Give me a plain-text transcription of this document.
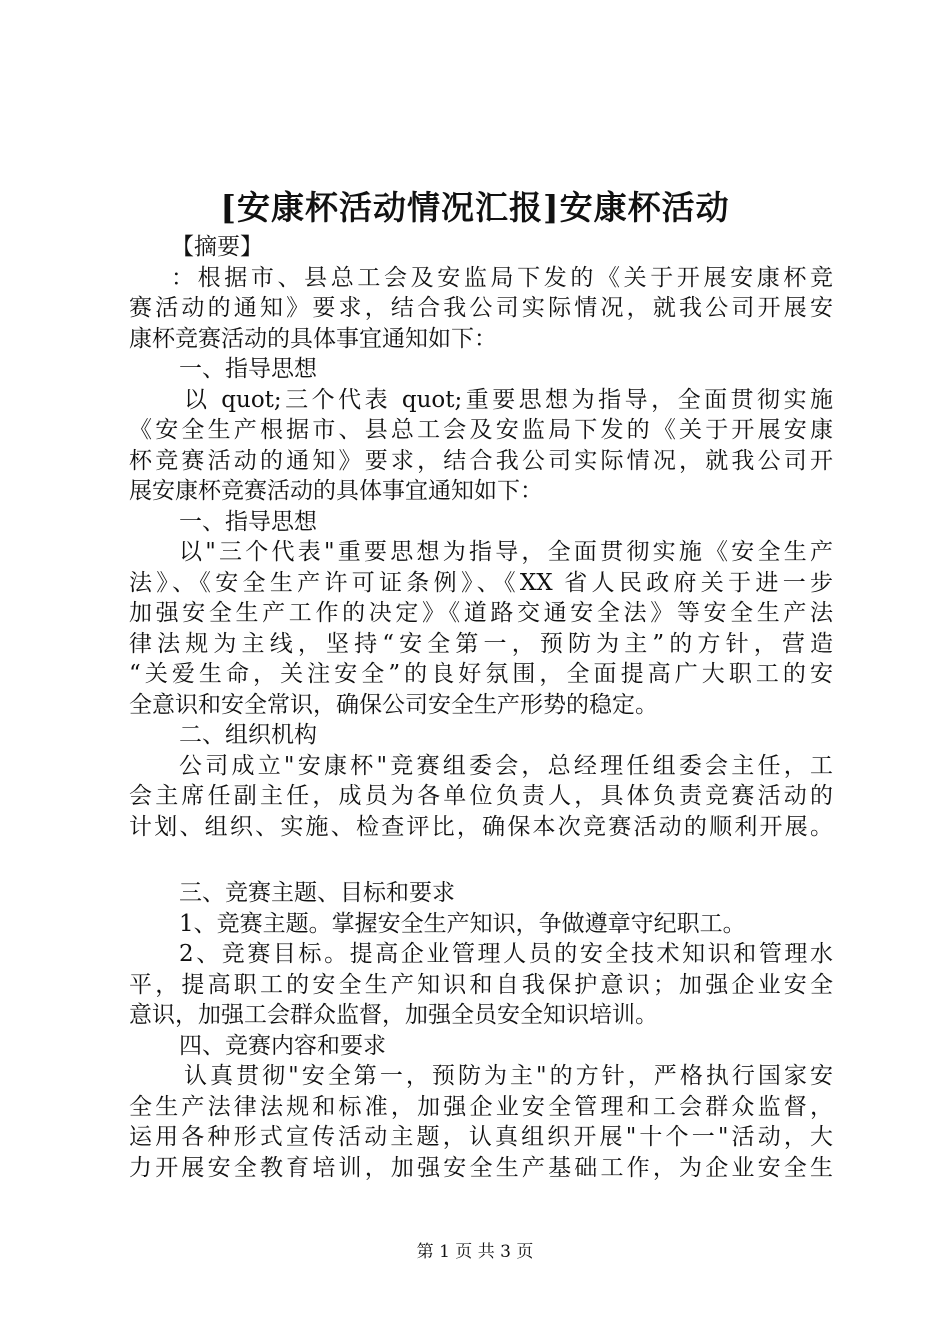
[安康杯活动情况汇报]安康杯活动
【摘要】
：根据市、县总工会及安监局下发的《关于开展安康杯竞
赛活动的通知》要求，结合我公司实际情况，就我公司开展安
康杯竞赛活动的具体事宜通知如下：
一、指导思想
以 quot;三个代表 quot;重要思想为指导，全面贯彻实施
《安全生产根据市、县总工会及安监局下发的《关于开展安康
杯竞赛活动的通知》要求，结合我公司实际情况，就我公司开
展安康杯竞赛活动的具体事宜通知如下：
一、指导思想
以"三个代表"重要思想为指导，全面贯彻实施《安全生产
法》、《安全生产许可证条例》、《XX 省人民政府关于进一步
加强安全生产工作的决定》《道路交通安全法》等安全生产法
律法规为主线，坚持“安全第一，预防为主”的方针，营造
“关爱生命，关注安全”的良好氛围，全面提高广大职工的安
全意识和安全常识，确保公司安全生产形势的稳定。
二、组织机构
公司成立"安康杯"竞赛组委会，总经理任组委会主任，工
会主席任副主任，成员为各单位负责人，具体负责竞赛活动的
计划、组织、实施、检查评比，确保本次竞赛活动的顺利开展。
三、竞赛主题、目标和要求
1、竞赛主题。掌握安全生产知识，争做遵章守纪职工。
2、竞赛目标。提高企业管理人员的安全技术知识和管理水
平，提高职工的安全生产知识和自我保护意识；加强企业安全
意识，加强工会群众监督，加强全员安全知识培训。
四、竞赛内容和要求
认真贯彻"安全第一，预防为主"的方针，严格执行国家安
全生产法律法规和标准，加强企业安全管理和工会群众监督，
运用各种形式宣传活动主题，认真组织开展"十个一"活动，大
力开展安全教育培训，加强安全生产基础工作，为企业安全生
第 1 页 共 3 页
